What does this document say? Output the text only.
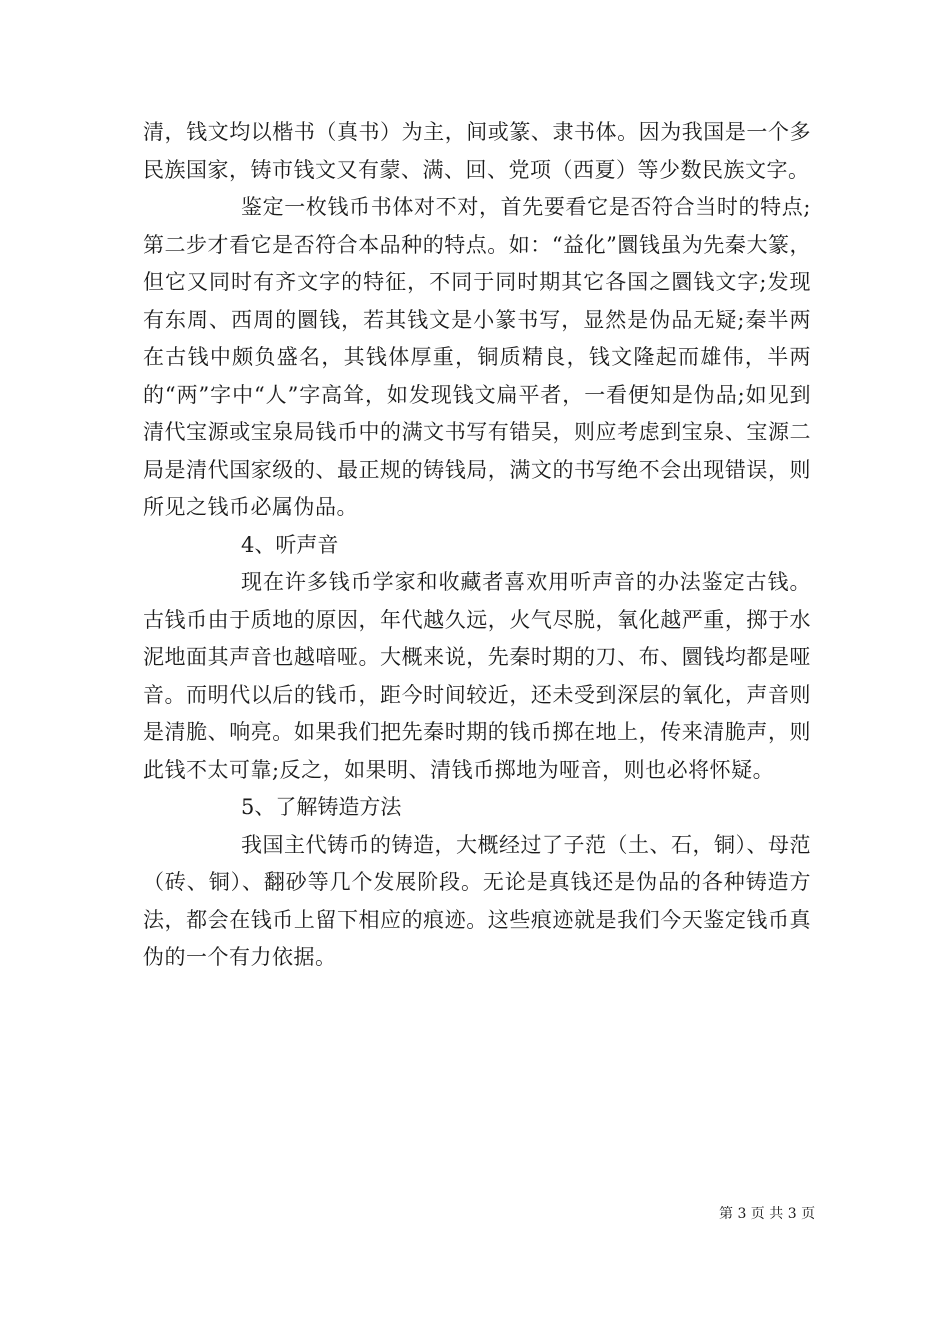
清，钱文均以楷书（真书）为主，间或篆、隶书体。因为我国是一个多民族国家，铸市钱文又有蒙、满、回、党项（西夏）等少数民族文字。

鉴定一枚钱币书体对不对，首先要看它是否符合当时的特点;第二步才看它是否符合本品种的特点。如：“益化”圜钱虽为先秦大篆，但它又同时有齐文字的特征，不同于同时期其它各国之圜钱文字;发现有东周、西周的圜钱，若其钱文是小篆书写，显然是伪品无疑;秦半两在古钱中颇负盛名，其钱体厚重，铜质精良，钱文隆起而雄伟，半两的“两”字中“人”字高耸，如发现钱文扁平者，一看便知是伪品;如见到清代宝源或宝泉局钱币中的满文书写有错吴，则应考虑到宝泉、宝源二局是清代国家级的、最正规的铸钱局，满文的书写绝不会出现错误，则所见之钱币必属伪品。

4、听声音

现在许多钱币学家和收藏者喜欢用听声音的办法鉴定古钱。古钱币由于质地的原因，年代越久远，火气尽脱，氧化越严重，掷于水泥地面其声音也越喑哑。大概来说，先秦时期的刀、布、圜钱均都是哑音。而明代以后的钱币，距今时间较近，还未受到深层的氧化，声音则是清脆、响亮。如果我们把先秦时期的钱币掷在地上，传来清脆声，则此钱不太可靠;反之，如果明、清钱币掷地为哑音，则也必将怀疑。

5、了解铸造方法

我国主代铸币的铸造，大概经过了子范（土、石，铜）、母范（砖、铜）、翻砂等几个发展阶段。无论是真钱还是伪品的各种铸造方法，都会在钱币上留下相应的痕迹。这些痕迹就是我们今天鉴定钱币真伪的一个有力依据。

第 3 页 共 3 页
